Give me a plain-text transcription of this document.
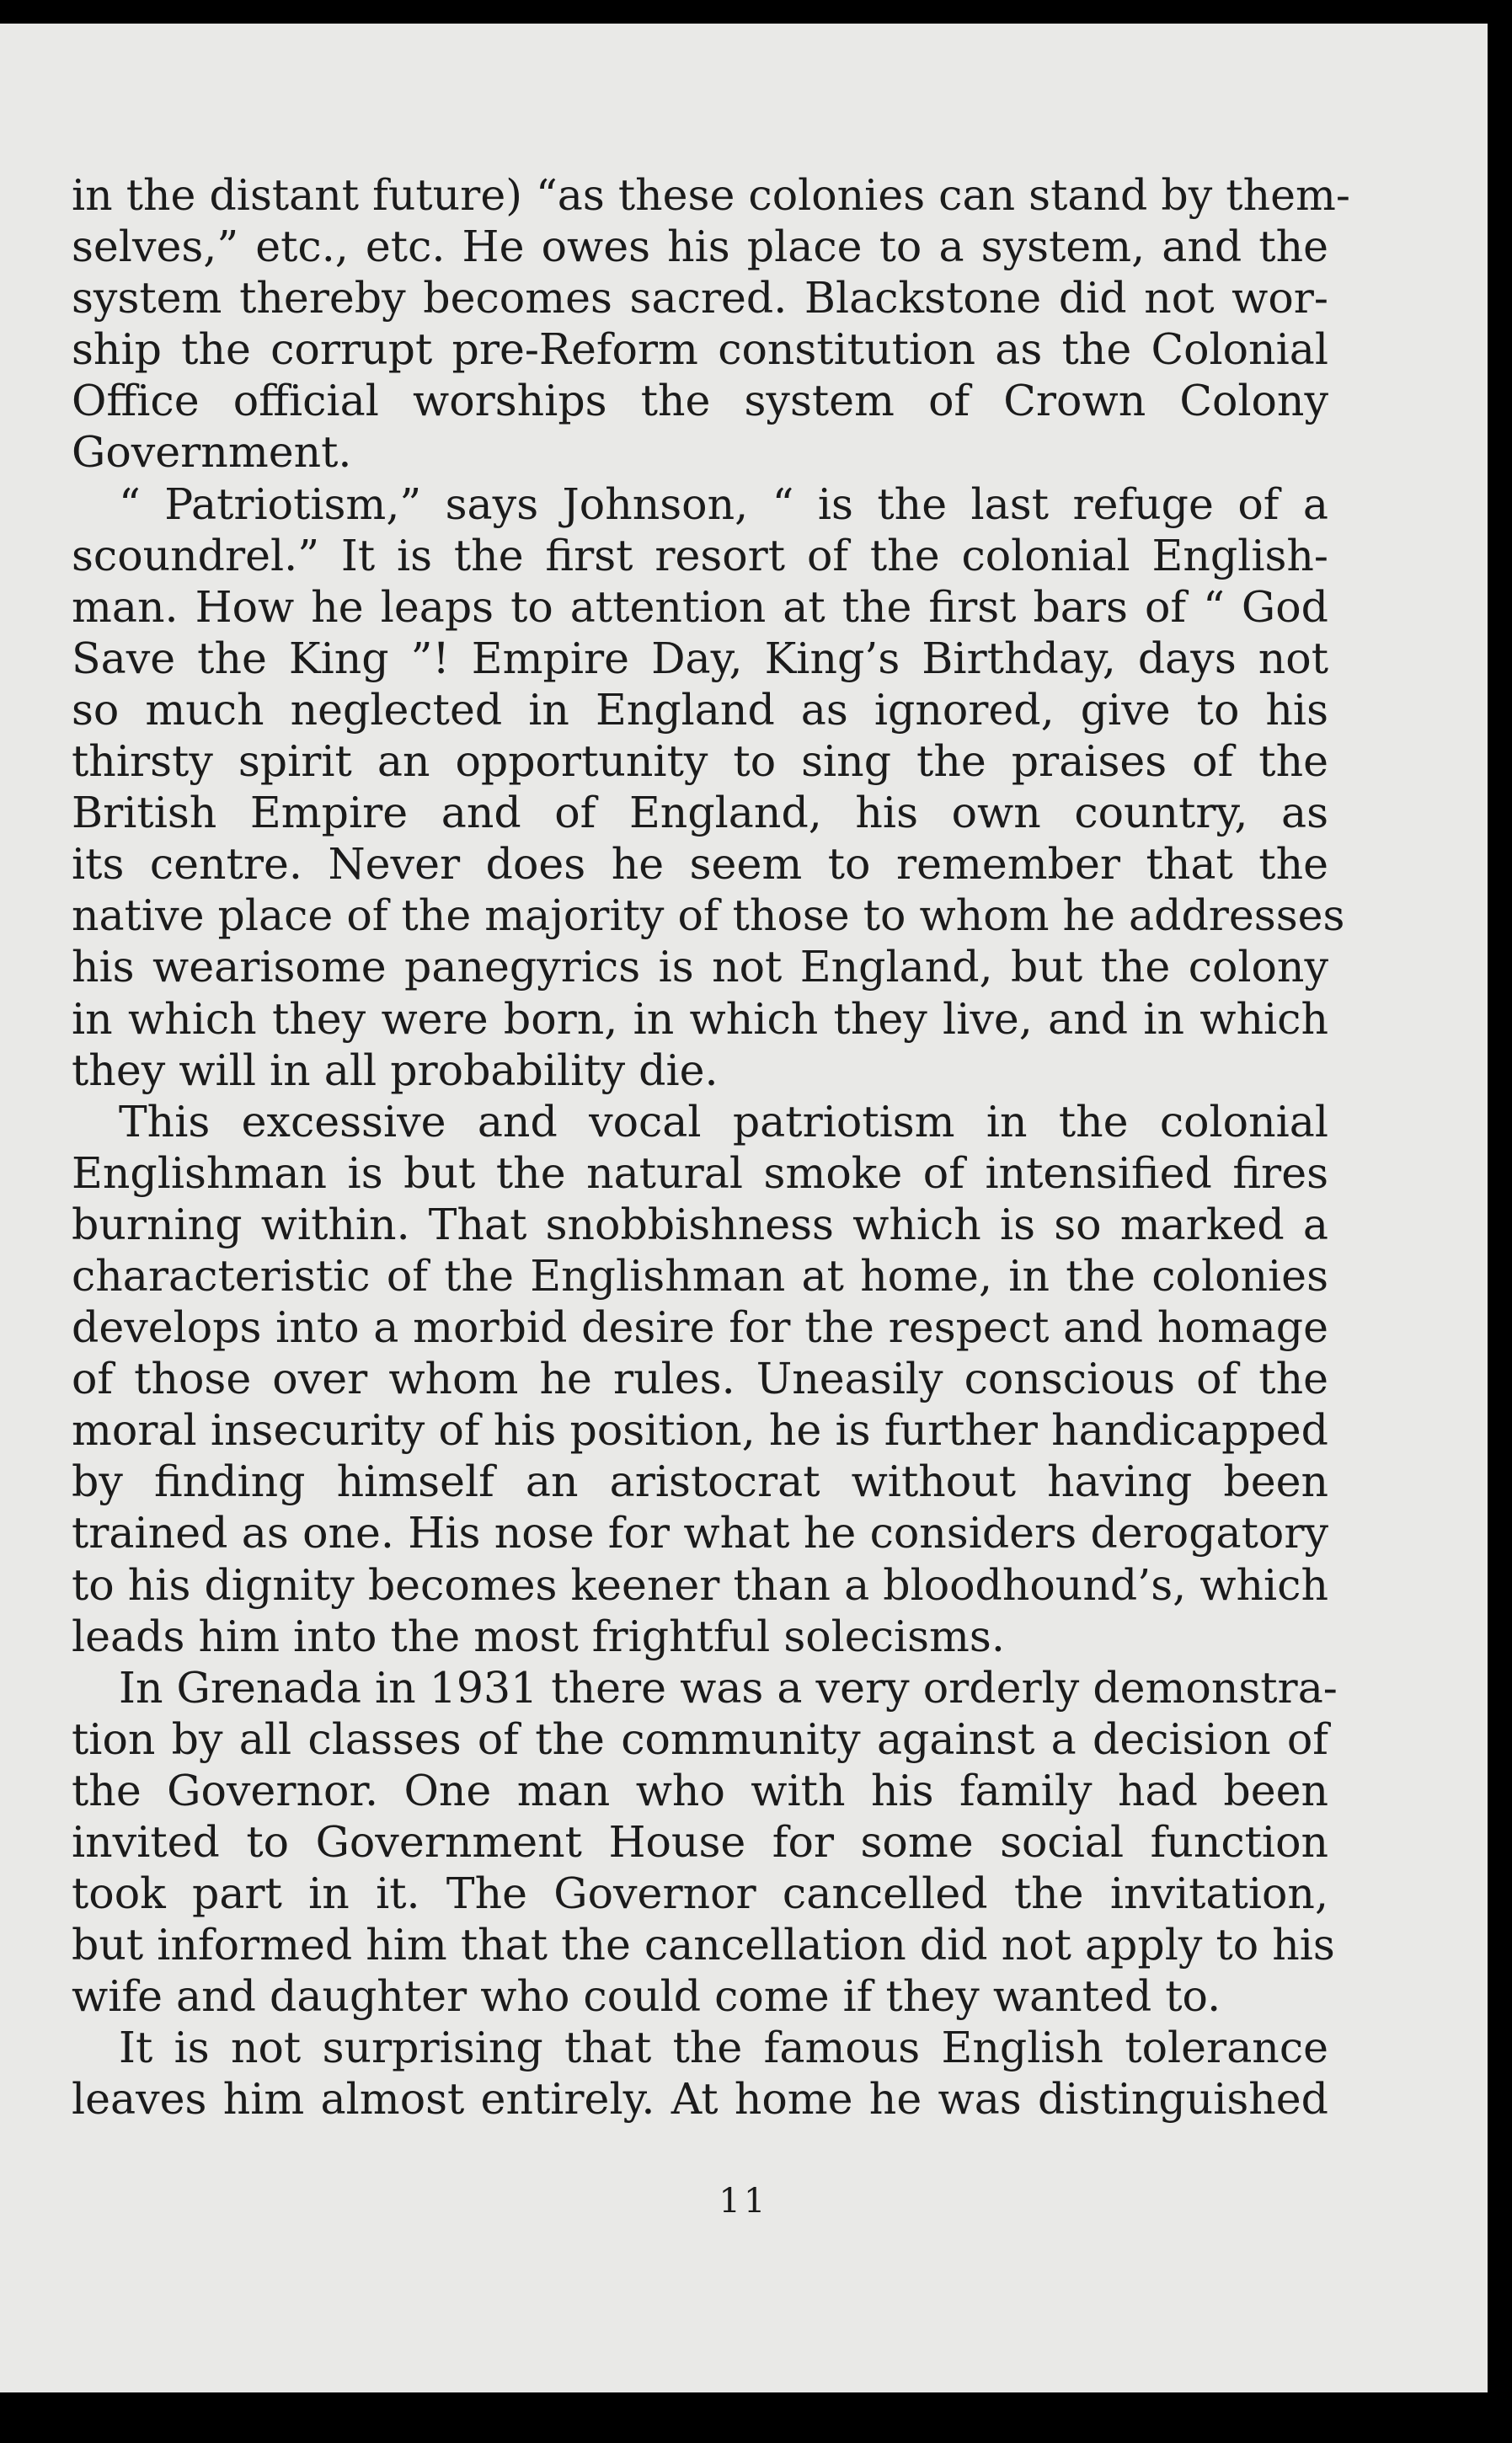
in the distant future) “as these colonies can stand by them-
selves,” etc., etc. He owes his place to a system, and the
system thereby becomes sacred. Blackstone did not wor-
ship the corrupt pre-Reform constitution as the Colonial
Office official worships the system of Crown Colony
Government.
“ Patriotism,” says Johnson, “ is the last refuge of a
scoundrel.” It is the first resort of the colonial English-
man. How he leaps to attention at the first bars of “ God
Save the King ”! Empire Day, King’s Birthday, days not
so much neglected in England as ignored, give to his
thirsty spirit an opportunity to sing the praises of the
British Empire and of England, his own country, as
its centre. Never does he seem to remember that the
native place of the majority of those to whom he addresses
his wearisome panegyrics is not England, but the colony
in which they were born, in which they live, and in which
they will in all probability die.
This excessive and vocal patriotism in the colonial
Englishman is but the natural smoke of intensified fires
burning within. That snobbishness which is so marked a
characteristic of the Englishman at home, in the colonies
develops into a morbid desire for the respect and homage
of those over whom he rules. Uneasily conscious of the
moral insecurity of his position, he is further handicapped
by finding himself an aristocrat without having been
trained as one. His nose for what he considers derogatory
to his dignity becomes keener than a bloodhound’s, which
leads him into the most frightful solecisms.
In Grenada in 1931 there was a very orderly demonstra-
tion by all classes of the community against a decision of
the Governor. One man who with his family had been
invited to Government House for some social function
took part in it. The Governor cancelled the invitation,
but informed him that the cancellation did not apply to his
wife and daughter who could come if they wanted to.
It is not surprising that the famous English tolerance
leaves him almost entirely. At home he was distinguished
11
